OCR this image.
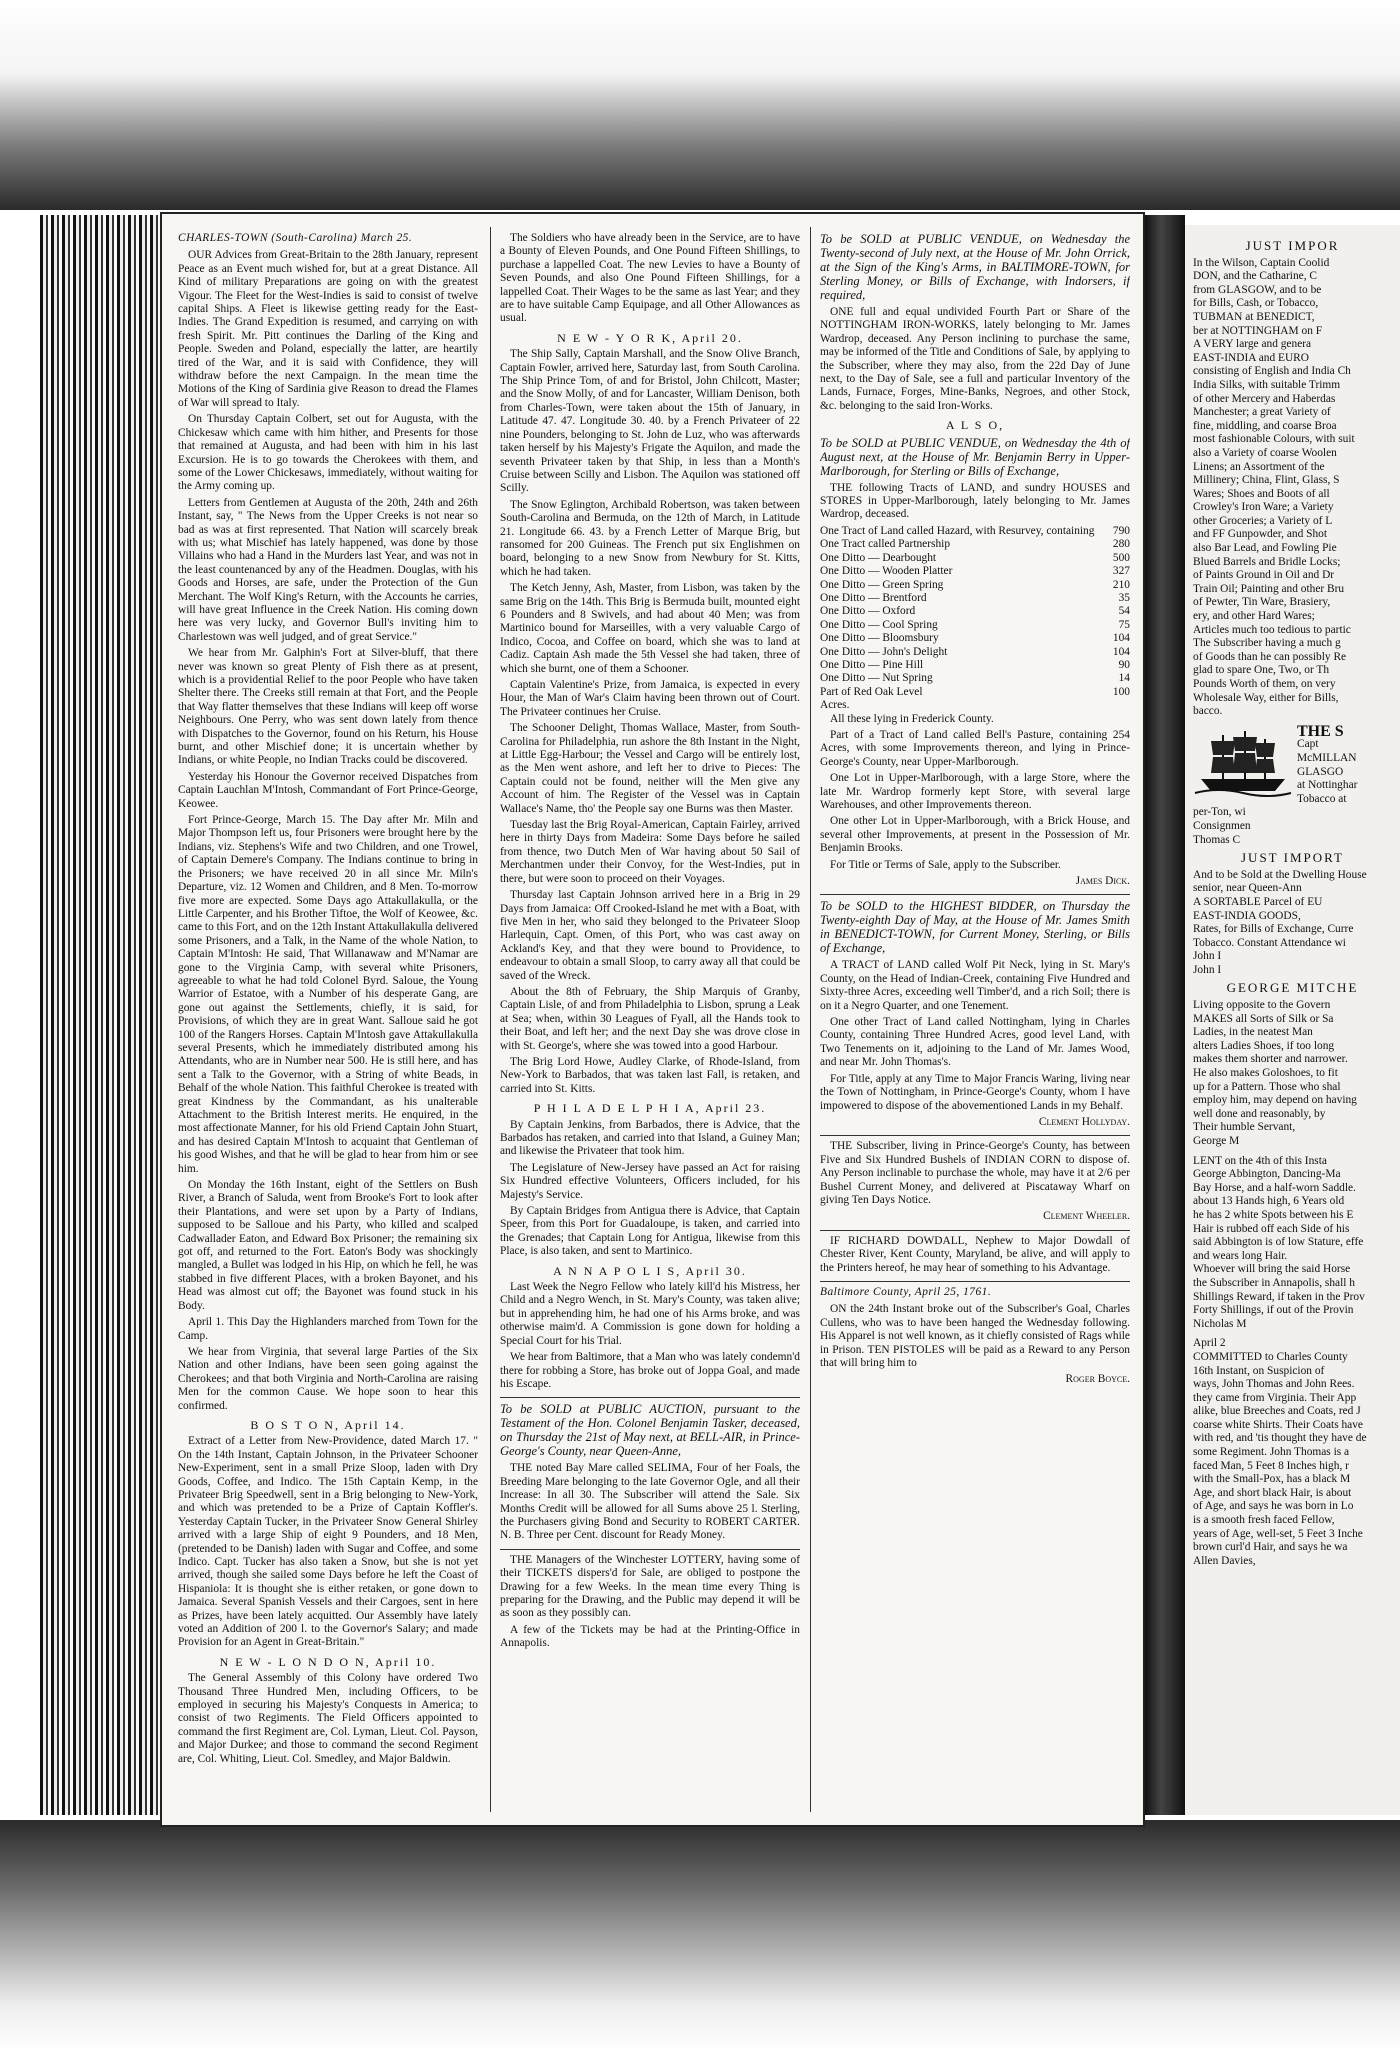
CHARLES-TOWN (South-Carolina) March 25.

OUR Advices from Great-Britain to the 28th January, represent Peace as an Event much wished for, but at a great Distance. All Kind of military Preparations are going on with the greatest Vigour. The Fleet for the West-Indies is said to consist of twelve capital Ships. A Fleet is likewise getting ready for the East-Indies. The Grand Expedition is resumed, and carrying on with fresh Spirit. Mr. Pitt continues the Darling of the King and People. Sweden and Poland, especially the latter, are heartily tired of the War, and it is said with Confidence, they will withdraw before the next Campaign. In the mean time the Motions of the King of Sardinia give Reason to dread the Flames of War will spread to Italy.

On Thursday Captain Colbert, set out for Augusta, with the Chickesaw which came with him hither, and Presents for those that remained at Augusta, and had been with him in his last Excursion. He is to go towards the Cherokees with them, and some of the Lower Chickesaws, immediately, without waiting for the Army coming up.

Letters from Gentlemen at Augusta of the 20th, 24th and 26th Instant, say, " The News from the Upper Creeks is not near so bad as was at first represented. That Nation will scarcely break with us; what Mischief has lately happened, was done by those Villains who had a Hand in the Murders last Year, and was not in the least countenanced by any of the Headmen. Douglas, with his Goods and Horses, are safe, under the Protection of the Gun Merchant. The Wolf King's Return, with the Accounts he carries, will have great Influence in the Creek Nation. His coming down here was very lucky, and Governor Bull's inviting him to Charlestown was well judged, and of great Service."

We hear from Mr. Galphin's Fort at Silver-bluff, that there never was known so great Plenty of Fish there as at present, which is a providential Relief to the poor People who have taken Shelter there. The Creeks still remain at that Fort, and the People that Way flatter themselves that these Indians will keep off worse Neighbours. One Perry, who was sent down lately from thence with Dispatches to the Governor, found on his Return, his House burnt, and other Mischief done; it is uncertain whether by Indians, or white People, no Indian Tracks could be discovered.

Yesterday his Honour the Governor received Dispatches from Captain Lauchlan M'Intosh, Commandant of Fort Prince-George, Keowee.

Fort Prince-George, March 15. The Day after Mr. Miln and Major Thompson left us, four Prisoners were brought here by the Indians, viz. Stephens's Wife and two Children, and one Trowel, of Captain Demere's Company. The Indians continue to bring in the Prisoners; we have received 20 in all since Mr. Miln's Departure, viz. 12 Women and Children, and 8 Men. To-morrow five more are expected. Some Days ago Attakullakulla, or the Little Carpenter, and his Brother Tiftoe, the Wolf of Keowee, &c. came to this Fort, and on the 12th Instant Attakullakulla delivered some Prisoners, and a Talk, in the Name of the whole Nation, to Captain M'Intosh: He said, That Willanawaw and M'Namar are gone to the Virginia Camp, with several white Prisoners, agreeable to what he had told Colonel Byrd. Saloue, the Young Warrior of Estatoe, with a Number of his desperate Gang, are gone out against the Settlements, chiefly, it is said, for Provisions, of which they are in great Want. Salloue said he got 100 of the Rangers Horses. Captain M'Intosh gave Attakullakulla several Presents, which he immediately distributed among his Attendants, who are in Number near 500. He is still here, and has sent a Talk to the Governor, with a String of white Beads, in Behalf of the whole Nation. This faithful Cherokee is treated with great Kindness by the Commandant, as his unalterable Attachment to the British Interest merits. He enquired, in the most affectionate Manner, for his old Friend Captain John Stuart, and has desired Captain M'Intosh to acquaint that Gentleman of his good Wishes, and that he will be glad to hear from him or see him.

On Monday the 16th Instant, eight of the Settlers on Bush River, a Branch of Saluda, went from Brooke's Fort to look after their Plantations, and were set upon by a Party of Indians, supposed to be Salloue and his Party, who killed and scalped Cadwallader Eaton, and Edward Box Prisoner; the remaining six got off, and returned to the Fort. Eaton's Body was shockingly mangled, a Bullet was lodged in his Hip, on which he fell, he was stabbed in five different Places, with a broken Bayonet, and his Head was almost cut off; the Bayonet was found stuck in his Body.

April 1. This Day the Highlanders marched from Town for the Camp.

We hear from Virginia, that several large Parties of the Six Nation and other Indians, have been seen going against the Cherokees; and that both Virginia and North-Carolina are raising Men for the common Cause. We hope soon to hear this confirmed.

B O S T O N, April 14.

Extract of a Letter from New-Providence, dated March 17. " On the 14th Instant, Captain Johnson, in the Privateer Schooner New-Experiment, sent in a small Prize Sloop, laden with Dry Goods, Coffee, and Indico. The 15th Captain Kemp, in the Privateer Brig Speedwell, sent in a Brig belonging to New-York, and which was pretended to be a Prize of Captain Koffler's. Yesterday Captain Tucker, in the Privateer Snow General Shirley arrived with a large Ship of eight 9 Pounders, and 18 Men, (pretended to be Danish) laden with Sugar and Coffee, and some Indico. Capt. Tucker has also taken a Snow, but she is not yet arrived, though she sailed some Days before he left the Coast of Hispaniola: It is thought she is either retaken, or gone down to Jamaica. Several Spanish Vessels and their Cargoes, sent in here as Prizes, have been lately acquitted. Our Assembly have lately voted an Addition of 200 l. to the Governor's Salary; and made Provision for an Agent in Great-Britain."

N E W - L O N D O N, April 10.

The General Assembly of this Colony have ordered Two Thousand Three Hundred Men, including Officers, to be employed in securing his Majesty's Conquests in America; to consist of two Regiments. The Field Officers appointed to command the first Regiment are, Col. Lyman, Lieut. Col. Payson, and Major Durkee; and those to command the second Regiment are, Col. Whiting, Lieut. Col. Smedley, and Major Baldwin.

The Soldiers who have already been in the Service, are to have a Bounty of Eleven Pounds, and One Pound Fifteen Shillings, to purchase a lappelled Coat. The new Levies to have a Bounty of Seven Pounds, and also One Pound Fifteen Shillings, for a lappelled Coat. Their Wages to be the same as last Year; and they are to have suitable Camp Equipage, and all Other Allowances as usual.

N E W - Y O R K, April 20.

The Ship Sally, Captain Marshall, and the Snow Olive Branch, Captain Fowler, arrived here, Saturday last, from South Carolina. The Ship Prince Tom, of and for Bristol, John Chilcott, Master; and the Snow Molly, of and for Lancaster, William Denison, both from Charles-Town, were taken about the 15th of January, in Latitude 47. 47. Longitude 30. 40. by a French Privateer of 22 nine Pounders, belonging to St. John de Luz, who was afterwards taken herself by his Majesty's Frigate the Aquilon, and made the seventh Privateer taken by that Ship, in less than a Month's Cruise between Scilly and Lisbon. The Aquilon was stationed off Scilly.

The Snow Eglington, Archibald Robertson, was taken between South-Carolina and Bermuda, on the 12th of March, in Latitude 21. Longitude 66. 43. by a French Letter of Marque Brig, but ransomed for 200 Guineas. The French put six Englishmen on board, belonging to a new Snow from Newbury for St. Kitts, which he had taken.

The Ketch Jenny, Ash, Master, from Lisbon, was taken by the same Brig on the 14th. This Brig is Bermuda built, mounted eight 6 Pounders and 8 Swivels, and had about 40 Men; was from Martinico bound for Marseilles, with a very valuable Cargo of Indico, Cocoa, and Coffee on board, which she was to land at Cadiz. Captain Ash made the 5th Vessel she had taken, three of which she burnt, one of them a Schooner.

Captain Valentine's Prize, from Jamaica, is expected in every Hour, the Man of War's Claim having been thrown out of Court. The Privateer continues her Cruise.

The Schooner Delight, Thomas Wallace, Master, from South-Carolina for Philadelphia, run ashore the 8th Instant in the Night, at Little Egg-Harbour; the Vessel and Cargo will be entirely lost, as the Men went ashore, and left her to drive to Pieces: The Captain could not be found, neither will the Men give any Account of him. The Register of the Vessel was in Captain Wallace's Name, tho' the People say one Burns was then Master.

Tuesday last the Brig Royal-American, Captain Fairley, arrived here in thirty Days from Madeira: Some Days before he sailed from thence, two Dutch Men of War having about 50 Sail of Merchantmen under their Convoy, for the West-Indies, put in there, but were soon to proceed on their Voyages.

Thursday last Captain Johnson arrived here in a Brig in 29 Days from Jamaica: Off Crooked-Island he met with a Boat, with five Men in her, who said they belonged to the Privateer Sloop Harlequin, Capt. Omen, of this Port, who was cast away on Ackland's Key, and that they were bound to Providence, to endeavour to obtain a small Sloop, to carry away all that could be saved of the Wreck.

About the 8th of February, the Ship Marquis of Granby, Captain Lisle, of and from Philadelphia to Lisbon, sprung a Leak at Sea; when, within 30 Leagues of Fyall, all the Hands took to their Boat, and left her; and the next Day she was drove close in with St. George's, where she was towed into a good Harbour.

The Brig Lord Howe, Audley Clarke, of Rhode-Island, from New-York to Barbados, that was taken last Fall, is retaken, and carried into St. Kitts.

P H I L A D E L P H I A, April 23.

By Captain Jenkins, from Barbados, there is Advice, that the Barbados has retaken, and carried into that Island, a Guiney Man; and likewise the Privateer that took him.

The Legislature of New-Jersey have passed an Act for raising Six Hundred effective Volunteers, Officers included, for his Majesty's Service.

By Captain Bridges from Antigua there is Advice, that Captain Speer, from this Port for Guadaloupe, is taken, and carried into the Grenades; that Captain Long for Antigua, likewise from this Place, is also taken, and sent to Martinico.

A N N A P O L I S, April 30.

Last Week the Negro Fellow who lately kill'd his Mistress, her Child and a Negro Wench, in St. Mary's County, was taken alive; but in apprehending him, he had one of his Arms broke, and was otherwise maim'd. A Commission is gone down for holding a Special Court for his Trial.

We hear from Baltimore, that a Man who was lately condemn'd there for robbing a Store, has broke out of Joppa Goal, and made his Escape.

To be SOLD at PUBLIC AUCTION, pursuant to the Testament of the Hon. Colonel Benjamin Tasker, deceased, on Thursday the 21st of May next, at BELL-AIR, in Prince-George's County, near Queen-Anne,

THE noted Bay Mare called SELIMA, Four of her Foals, the Breeding Mare belonging to the late Governor Ogle, and all their Increase: In all 30. The Subscriber will attend the Sale. Six Months Credit will be allowed for all Sums above 25 l. Sterling, the Purchasers giving Bond and Security to ROBERT CARTER. N. B. Three per Cent. discount for Ready Money.

THE Managers of the Winchester LOTTERY, having some of their TICKETS dispers'd for Sale, are obliged to postpone the Drawing for a few Weeks. In the mean time every Thing is preparing for the Drawing, and the Public may depend it will be as soon as they possibly can.

A few of the Tickets may be had at the Printing-Office in Annapolis.

To be SOLD at PUBLIC VENDUE, on Wednesday the Twenty-second of July next, at the House of Mr. John Orrick, at the Sign of the King's Arms, in BALTIMORE-TOWN, for Sterling Money, or Bills of Exchange, with Indorsers, if required,

ONE full and equal undivided Fourth Part or Share of the NOTTINGHAM IRON-WORKS, lately belonging to Mr. James Wardrop, deceased. Any Person inclining to purchase the same, may be informed of the Title and Conditions of Sale, by applying to the Subscriber, where they may also, from the 22d Day of June next, to the Day of Sale, see a full and particular Inventory of the Lands, Furnace, Forges, Mine-Banks, Negroes, and other Stock, &c. belonging to the said Iron-Works.

A L S O,
To be SOLD at PUBLIC VENDUE, on Wednesday the 4th of August next, at the House of Mr. Benjamin Berry in Upper-Marlborough, for Sterling or Bills of Exchange,

THE following Tracts of LAND, and sundry HOUSES and STORES in Upper-Marlborough, lately belonging to Mr. James Wardrop, deceased.

One Tract of Land called Hazard, with Resurvey, containing	790
One Tract called Partnership	280
One Ditto — Dearbought	500
One Ditto — Wooden Platter	327
One Ditto — Green Spring	210
One Ditto — Brentford	35
One Ditto — Oxford	54
One Ditto — Cool Spring	75
One Ditto — Bloomsbury	104
One Ditto — John's Delight	104
One Ditto — Pine Hill	90
One Ditto — Nut Spring	14
Part of Red Oak Level	100
Acres.	

All these lying in Frederick County.

Part of a Tract of Land called Bell's Pasture, containing 254 Acres, with some Improvements thereon, and lying in Prince-George's County, near Upper-Marlborough.

One Lot in Upper-Marlborough, with a large Store, where the late Mr. Wardrop formerly kept Store, with several large Warehouses, and other Improvements thereon.

One other Lot in Upper-Marlborough, with a Brick House, and several other Improvements, at present in the Possession of Mr. Benjamin Brooks.

For Title or Terms of Sale, apply to the Subscriber.

James Dick.
To be SOLD to the HIGHEST BIDDER, on Thursday the Twenty-eighth Day of May, at the House of Mr. James Smith in BENEDICT-TOWN, for Current Money, Sterling, or Bills of Exchange,

A TRACT of LAND called Wolf Pit Neck, lying in St. Mary's County, on the Head of Indian-Creek, containing Five Hundred and Sixty-three Acres, exceeding well Timber'd, and a rich Soil; there is on it a Negro Quarter, and one Tenement.

One other Tract of Land called Nottingham, lying in Charles County, containing Three Hundred Acres, good level Land, with Two Tenements on it, adjoining to the Land of Mr. James Wood, and near Mr. John Thomas's.

For Title, apply at any Time to Major Francis Waring, living near the Town of Nottingham, in Prince-George's County, whom I have impowered to dispose of the abovementioned Lands in my Behalf.

Clement Hollyday.

THE Subscriber, living in Prince-George's County, has between Five and Six Hundred Bushels of INDIAN CORN to dispose of. Any Person inclinable to purchase the whole, may have it at 2/6 per Bushel Current Money, and delivered at Piscataway Wharf on giving Ten Days Notice.

Clement Wheeler.

IF RICHARD DOWDALL, Nephew to Major Dowdall of Chester River, Kent County, Maryland, be alive, and will apply to the Printers hereof, he may hear of something to his Advantage.

Baltimore County, April 25, 1761.

ON the 24th Instant broke out of the Subscriber's Goal, Charles Cullens, who was to have been hanged the Wednesday following. His Apparel is not well known, as it chiefly consisted of Rags while in Prison. TEN PISTOLES will be paid as a Reward to any Person that will bring him to

Roger Boyce.
JUST IMPOR
In the Wilson, Captain Coolid
DON, and the Catharine, C
from GLASGOW, and to be
for Bills, Cash, or Tobacco,
TUBMAN at BENEDICT,
ber at NOTTINGHAM on F
A VERY large and genera
EAST-INDIA and EURO
consisting of English and India Ch
India Silks, with suitable Trimm
of other Mercery and Haberdas
Manchester; a great Variety of
fine, middling, and coarse Broa
most fashionable Colours, with suit
also a Variety of coarse Woolen
Linens; an Assortment of the
Millinery; China, Flint, Glass, S
Wares; Shoes and Boots of all
Crowley's Iron Ware; a Variety
other Groceries; a Variety of L
and FF Gunpowder, and Shot
also Bar Lead, and Fowling Pie
Blued Barrels and Bridle Locks;
of Paints Ground in Oil and Dr
Train Oil; Painting and other Bru
of Pewter, Tin Ware, Brasiery,
ery, and other Hard Wares;
Articles much too tedious to partic
The Subscriber having a much g
of Goods than he can possibly Re
glad to spare One, Two, or Th
Pounds Worth of them, on very
Wholesale Way, either for Bills,
bacco.
THE S
Capt
McMILLAN
GLASGO
at Nottinghar
Tobacco at
per-Ton, wi
Consignmen
Thomas C
JUST IMPORT
And to be Sold at the Dwelling House
senior, near Queen-Ann
A SORTABLE Parcel of EU
EAST-INDIA GOODS,
Rates, for Bills of Exchange, Curre
Tobacco. Constant Attendance wi
John I
John I
GEORGE MITCHE
Living opposite to the Govern
MAKES all Sorts of Silk or Sa
Ladies, in the neatest Man
alters Ladies Shoes, if too long
makes them shorter and narrower.
He also makes Goloshoes, to fit
up for a Pattern. Those who shal
employ him, may depend on having
well done and reasonably, by
Their humble Servant,
George M
LENT on the 4th of this Insta
George Abbington, Dancing-Ma
Bay Horse, and a half-worn Saddle.
about 13 Hands high, 6 Years old
he has 2 white Spots between his E
Hair is rubbed off each Side of his
said Abbington is of low Stature, effe
and wears long Hair.
Whoever will bring the said Horse
the Subscriber in Annapolis, shall h
Shillings Reward, if taken in the Prov
Forty Shillings, if out of the Provin
Nicholas M
April 2
COMMITTED to Charles County
16th Instant, on Suspicion of
ways, John Thomas and John Rees.
they came from Virginia. Their App
alike, blue Breeches and Coats, red J
coarse white Shirts. Their Coats have
with red, and 'tis thought they have de
some Regiment. John Thomas is a
faced Man, 5 Feet 8 Inches high, r
with the Small-Pox, has a black M
Age, and short black Hair, is about
of Age, and says he was born in Lo
is a smooth fresh faced Fellow,
years of Age, well-set, 5 Feet 3 Inche
brown curl'd Hair, and says he wa
Allen Davies,
